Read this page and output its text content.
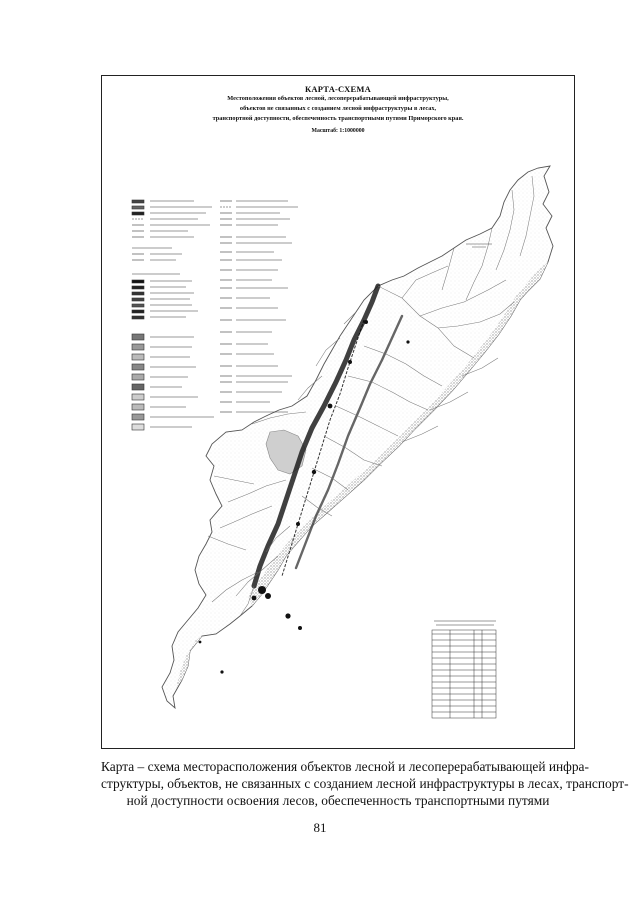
КАРТА-СХЕМА
Местоположения объектов лесной, лесоперерабатывающей инфраструктуры,
объектов не связанных с созданием лесной инфраструктуры в лесах,
транспортной доступности, обеспеченность транспортными путями Приморского края.
Масштаб: 1:1000000
Карта – схема месторасположения объектов лесной и лесоперерабатывающей инфра-
структуры, объектов, не связанных с созданием лесной инфраструктуры в лесах, транспорт-
ной доступности освоения лесов, обеспеченность транспортными путями
81
